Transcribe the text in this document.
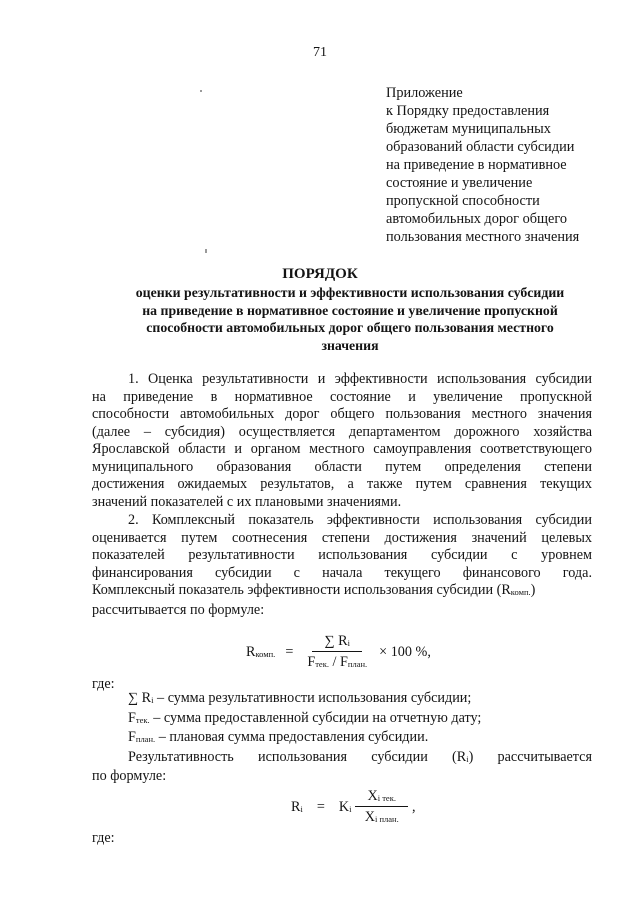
71
Приложение
к Порядку предоставления
бюджетам муниципальных
образований области субсидии
на приведение в нормативное
состояние и увеличение
пропускной способности
автомобильных дорог общего
пользования местного значения
ПОРЯДОК
оценки результативности и эффективности использования субсидии
на приведение в нормативное состояние и увеличение пропускной
способности автомобильных дорог общего пользования местного
значения
1. Оценка результативности и эффективности использования субсидии
на приведение в нормативное состояние и увеличение пропускной
способности автомобильных дорог общего пользования местного значения
(далее – субсидия) осуществляется департаментом дорожного хозяйства
Ярославской области и органом местного самоуправления соответствующего
муниципального образования области путем определения степени
достижения ожидаемых результатов, а также путем сравнения текущих
значений показателей с их плановыми значениями.
2. Комплексный показатель эффективности использования субсидии
оценивается путем соотнесения степени достижения значений целевых
показателей результативности использования субсидии с уровнем
финансирования субсидии с начала текущего финансового года.
Комплексный показатель эффективности использования субсидии $(R_{комп.})$
рассчитывается по формуле:
$R_{комп.} = \frac{\sum R_i}{F_{тек.} / F_{план.}} \times 100$ %,
где:
∑ $R_i$ – сумма результативности использования субсидии;
$F_{тек.}$ – сумма предоставленной субсидии на отчетную дату;
$F_{план.}$ – плановая сумма предоставления субсидии.
Результативность использования субсидии $(R_i)$ рассчитывается
по формуле:
$R_i = K_i \frac{X_{i тек.}}{X_{i план.}}$ ,
где:
